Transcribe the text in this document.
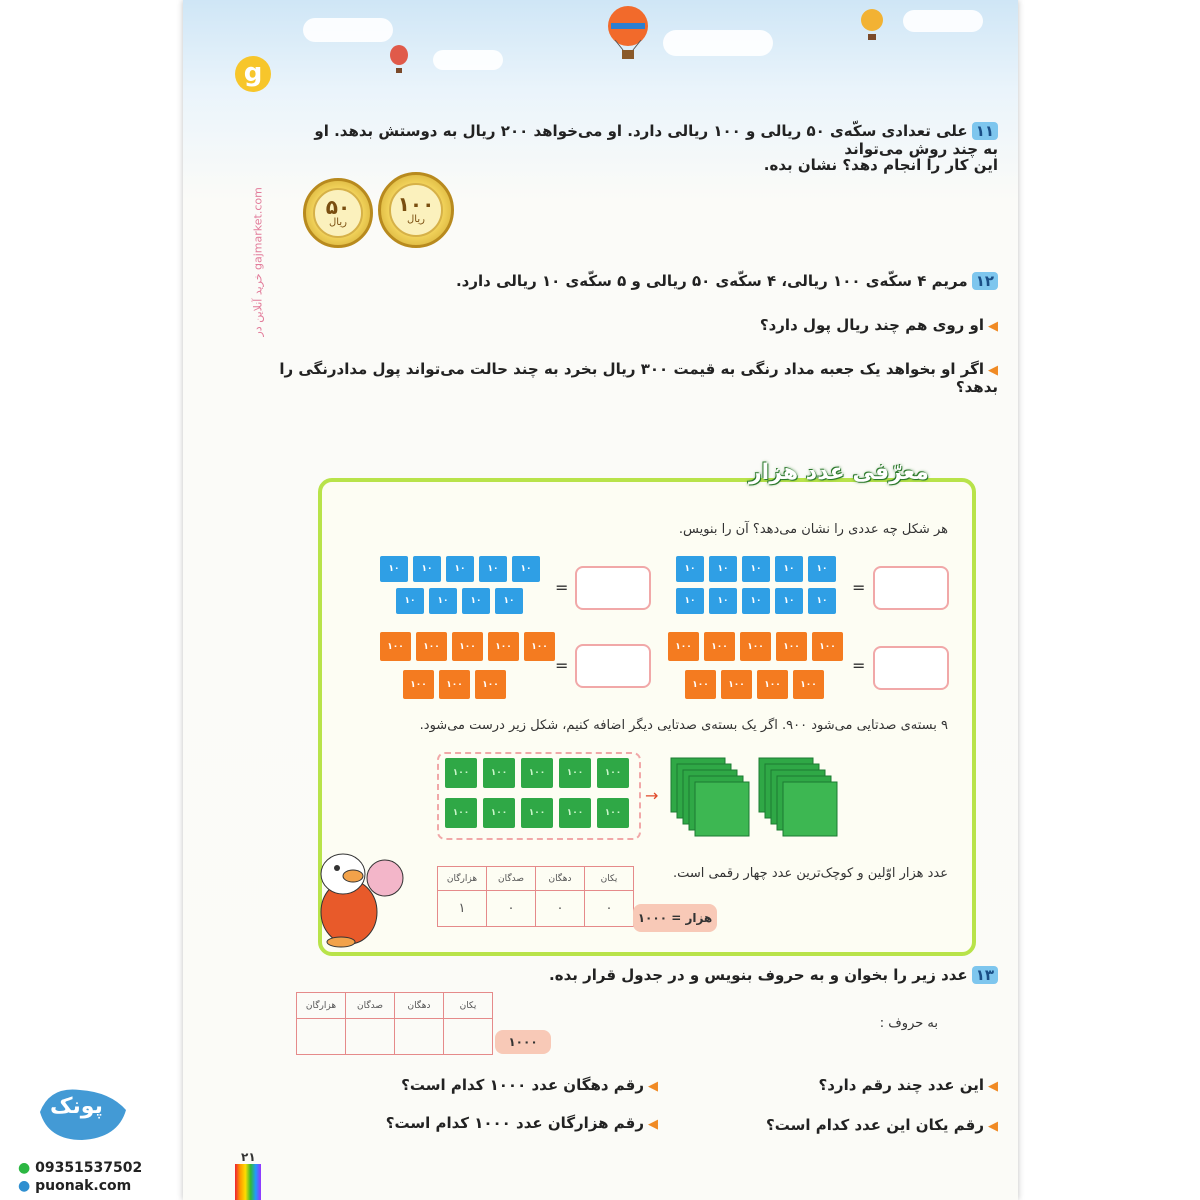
g
خرید آنلاین در gajmarket.com
۱۱علی تعدادی سکّه‌ی ۵۰ ریالی و ۱۰۰ ریالی دارد. او می‌خواهد ۲۰۰ ریال به دوستش بدهد. او به چند روش می‌تواند
این کار را انجام دهد؟ نشان بده.
۱۰۰
ریال
۵۰
ریال
۱۲مریم ۴ سکّه‌ی ۱۰۰ ریالی، ۴ سکّه‌ی ۵۰ ریالی و ۵ سکّه‌ی ۱۰ ریالی دارد.
◀او روی هم چند ریال پول دارد؟
◀اگر او بخواهد یک جعبه مداد رنگی به قیمت ۳۰۰ ریال بخرد به چند حالت می‌تواند پول مدادرنگی را بدهد؟
معرّفی عدد هزار
هر شکل چه عددی را نشان می‌دهد؟ آن را بنویس.
=	=
=	=
۹ بسته‌ی صدتایی می‌شود ۹۰۰. اگر یک بسته‌ی صدتایی دیگر اضافه کنیم، شکل زیر درست می‌شود.
→
عدد هزار اوّلین و کوچک‌ترین عدد چهار رقمی است.
هزارگان	صدگان	دهگان	یکان
۱	۰	۰	۰
هزار = ۱۰۰۰
۱۳عدد زیر را بخوان و به حروف بنویس و در جدول قرار بده.
هزارگان	صدگان	دهگان	یکان

۱۰۰۰
به حروف :
◀این عدد چند رقم دارد؟
◀رقم دهگان عدد ۱۰۰۰ کدام است؟
◀رقم یکان این عدد کدام است؟
◀رقم هزارگان عدد ۱۰۰۰ کدام است؟
۲۱
۱۰	۱۰	۱۰	۱۰	۱۰
۱۰	۱۰	۱۰	۱۰
۱۰	۱۰	۱۰	۱۰	۱۰
۱۰	۱۰	۱۰	۱۰	۱۰
۱۰۰	۱۰۰	۱۰۰	۱۰۰	۱۰۰
۱۰۰	۱۰۰	۱۰۰
۱۰۰	۱۰۰	۱۰۰	۱۰۰	۱۰۰
۱۰۰	۱۰۰	۱۰۰	۱۰۰
۱۰۰	۱۰۰	۱۰۰	۱۰۰	۱۰۰
۱۰۰	۱۰۰	۱۰۰	۱۰۰	۱۰۰
پونک
● 09351537502
● puonak.com
